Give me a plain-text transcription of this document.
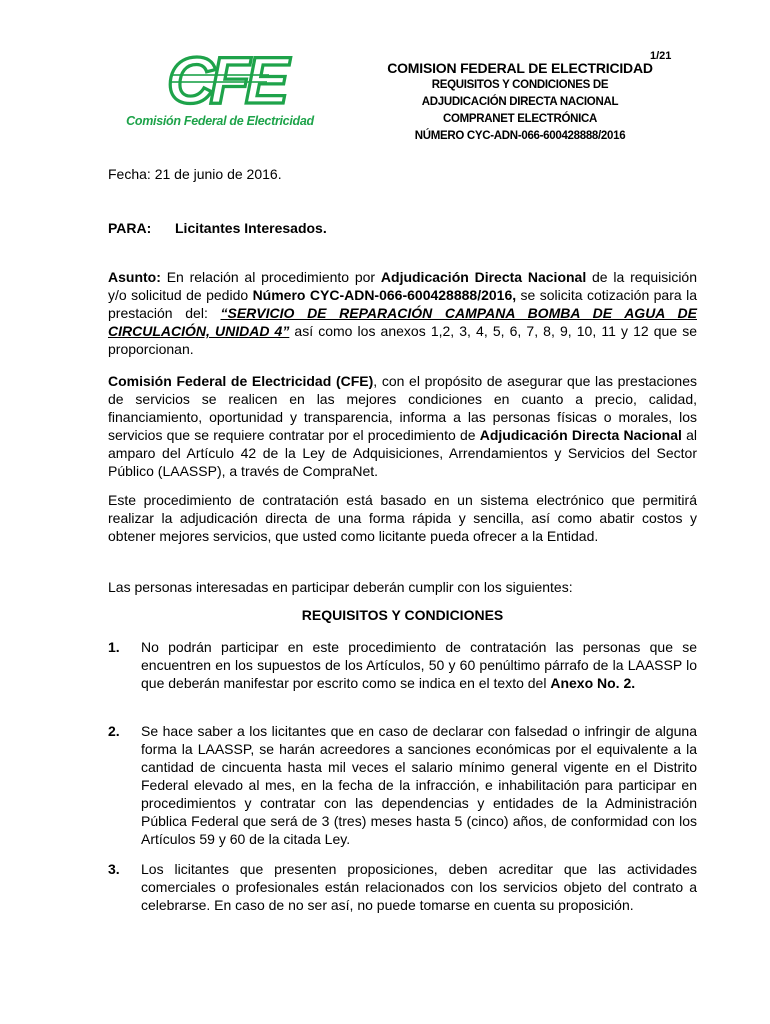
CFE
Comisión Federal de Electricidad
1/21
COMISION FEDERAL DE ELECTRICIDAD
REQUISITOS Y CONDICIONES DE
ADJUDICACIÓN DIRECTA NACIONAL
COMPRANET ELECTRÓNICA
NÚMERO CYC-ADN-066-600428888/2016
Fecha: 21 de junio de 2016.
PARA: Licitantes Interesados.
Asunto: En relación al procedimiento por Adjudicación Directa Nacional de la requisición y/o solicitud de pedido Número CYC-ADN-066-600428888/2016, se solicita cotización para la prestación del: “SERVICIO DE REPARACIÓN CAMPANA BOMBA DE AGUA DE CIRCULACIÓN, UNIDAD 4” así como los anexos 1,2, 3, 4, 5, 6, 7, 8, 9, 10, 11 y 12 que se proporcionan.
Comisión Federal de Electricidad (CFE), con el propósito de asegurar que las prestaciones de servicios se realicen en las mejores condiciones en cuanto a precio, calidad, financiamiento, oportunidad y transparencia, informa a las personas físicas o morales, los servicios que se requiere contratar por el procedimiento de Adjudicación Directa Nacional al amparo del Artículo 42 de la Ley de Adquisiciones, Arrendamientos y Servicios del Sector Público (LAASSP), a través de CompraNet.
Este procedimiento de contratación está basado en un sistema electrónico que permitirá realizar la adjudicación directa de una forma rápida y sencilla, así como abatir costos y obtener mejores servicios, que usted como licitante pueda ofrecer a la Entidad.
Las personas interesadas en participar deberán cumplir con los siguientes:
REQUISITOS Y CONDICIONES
1. No podrán participar en este procedimiento de contratación las personas que se encuentren en los supuestos de los Artículos, 50 y 60 penúltimo párrafo de la LAASSP lo que deberán manifestar por escrito como se indica en el texto del Anexo No. 2.
2. Se hace saber a los licitantes que en caso de declarar con falsedad o infringir de alguna forma la LAASSP, se harán acreedores a sanciones económicas por el equivalente a la cantidad de cincuenta hasta mil veces el salario mínimo general vigente en el Distrito Federal elevado al mes, en la fecha de la infracción, e inhabilitación para participar en procedimientos y contratar con las dependencias y entidades de la Administración Pública Federal que será de 3 (tres) meses hasta 5 (cinco) años, de conformidad con los Artículos 59 y 60 de la citada Ley.
3. Los licitantes que presenten proposiciones, deben acreditar que las actividades comerciales o profesionales están relacionados con los servicios objeto del contrato a celebrarse. En caso de no ser así, no puede tomarse en cuenta su proposición.
